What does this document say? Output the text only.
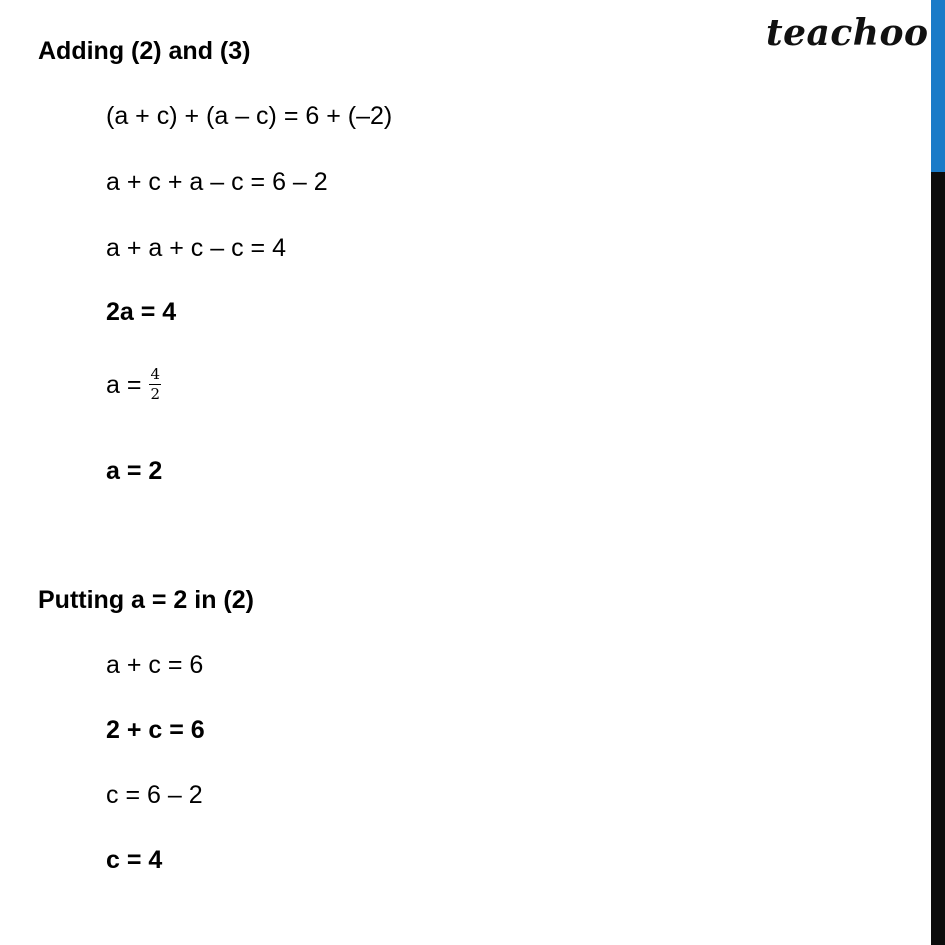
teachoo
Adding (2) and (3)
(a + c) + (a – c) = 6 + (–2)
a + c + a – c = 6 – 2
a + a + c – c = 4
2a = 4
$a = \frac{4}{2}$
a = 2
Putting a = 2 in (2)
a + c = 6
2 + c = 6
c = 6 – 2
c = 4
